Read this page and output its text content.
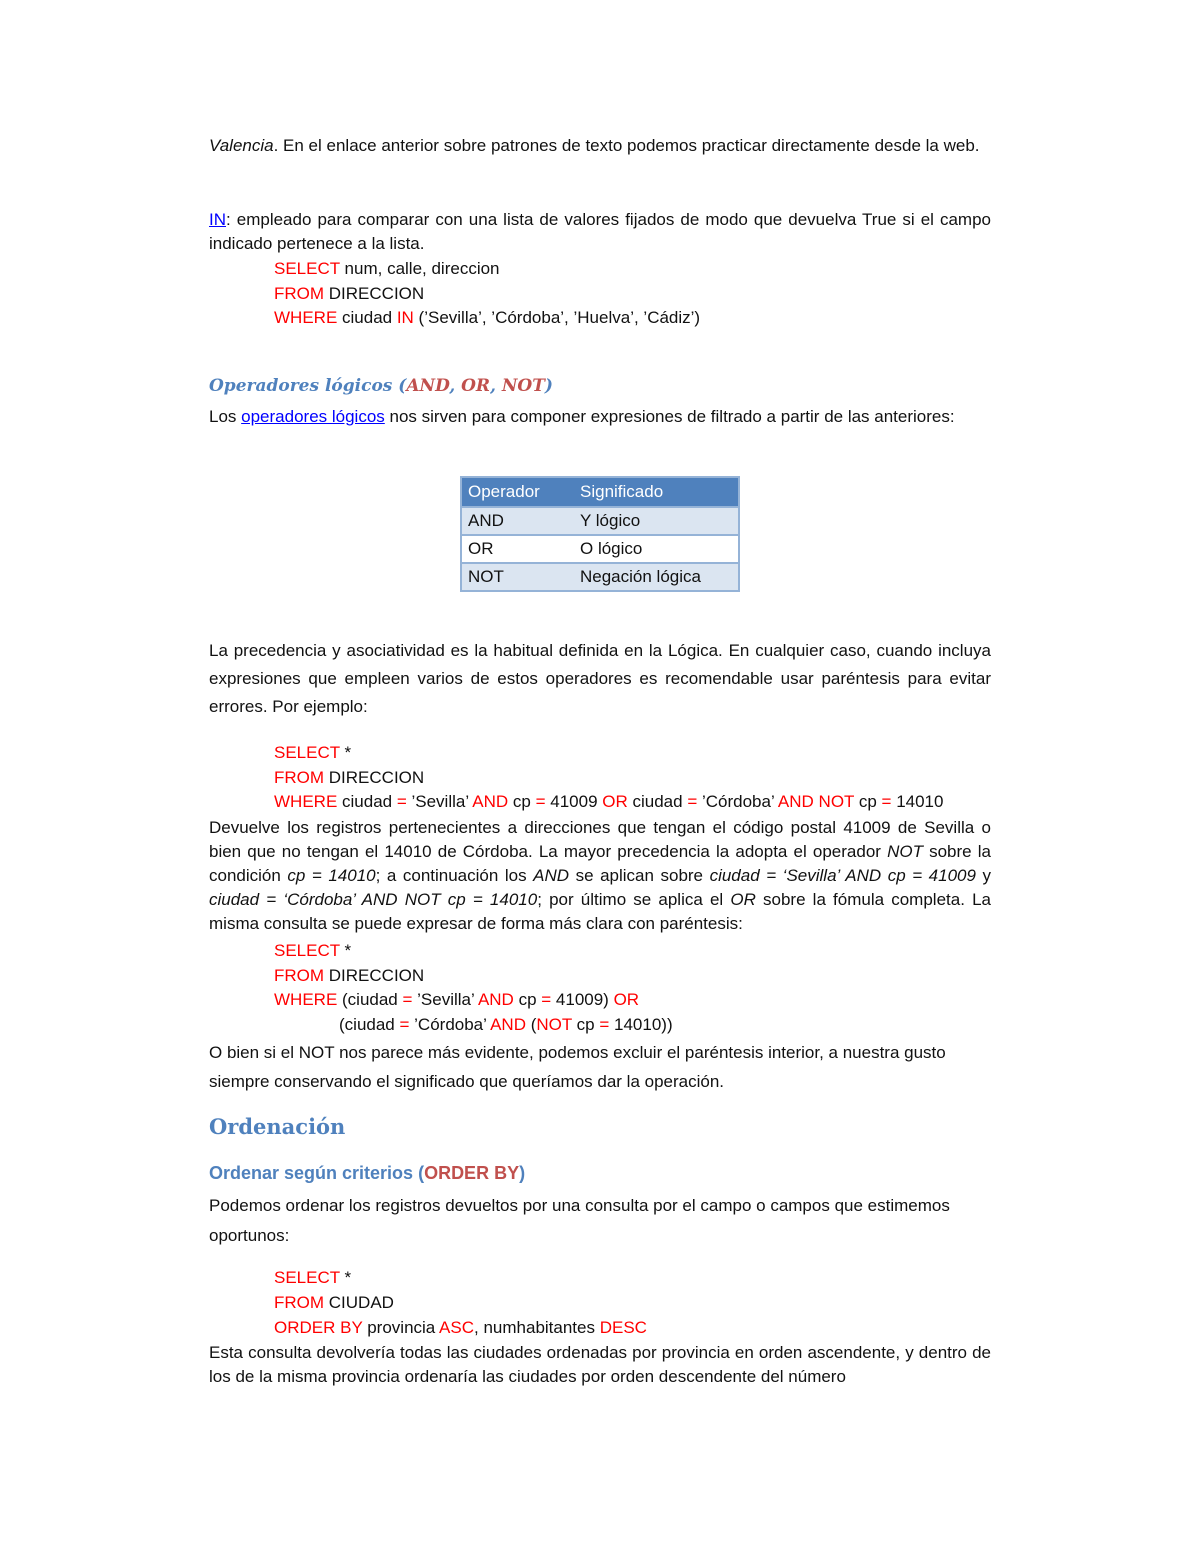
Valencia. En el enlace anterior sobre patrones de texto podemos practicar directamente desde la web.

IN: empleado para comparar con una lista de valores fijados de modo que devuelva True si el campo indicado pertenece a la lista.

SELECT num, calle, direccion

FROM DIRECCION

WHERE ciudad IN (’Sevilla’, ’Córdoba’, ’Huelva’, ’Cádiz’)

Operadores lógicos (AND, OR, NOT)

Los operadores lógicos nos sirven para componer expresiones de filtrado a partir de las anteriores:

Operador	Significado
AND	Y lógico
OR	O lógico
NOT	Negación lógica

La precedencia y asociatividad es la habitual definida en la Lógica. En cualquier caso, cuando incluya expresiones que empleen varios de estos operadores es recomendable usar paréntesis para evitar errores. Por ejemplo:

SELECT *

FROM DIRECCION

WHERE ciudad = ’Sevilla’ AND cp = 41009 OR ciudad = ’Córdoba’ AND NOT cp = 14010

Devuelve los registros pertenecientes a direcciones que tengan el código postal 41009 de Sevilla o bien que no tengan el 14010 de Córdoba. La mayor precedencia la adopta el operador NOT sobre la condición cp = 14010; a continuación los AND se aplican sobre ciudad = ‘Sevilla’ AND cp = 41009 y ciudad = ‘Córdoba’ AND NOT cp = 14010; por último se aplica el OR sobre la fómula completa. La misma consulta se puede expresar de forma más clara con paréntesis:

SELECT *

FROM DIRECCION

WHERE (ciudad = ’Sevilla’ AND cp = 41009) OR

(ciudad = ’Córdoba’ AND (NOT cp = 14010))

O bien si el NOT nos parece más evidente, podemos excluir el paréntesis interior, a nuestra gusto siempre conservando el significado que queríamos dar la operación.

Ordenación

Ordenar según criterios (ORDER BY)

Podemos ordenar los registros devueltos por una consulta por el campo o campos que estimemos oportunos:

SELECT *

FROM CIUDAD

ORDER BY provincia ASC, numhabitantes DESC

Esta consulta devolvería todas las ciudades ordenadas por provincia en orden ascendente, y dentro de los de la misma provincia ordenaría las ciudades por orden descendente del número
